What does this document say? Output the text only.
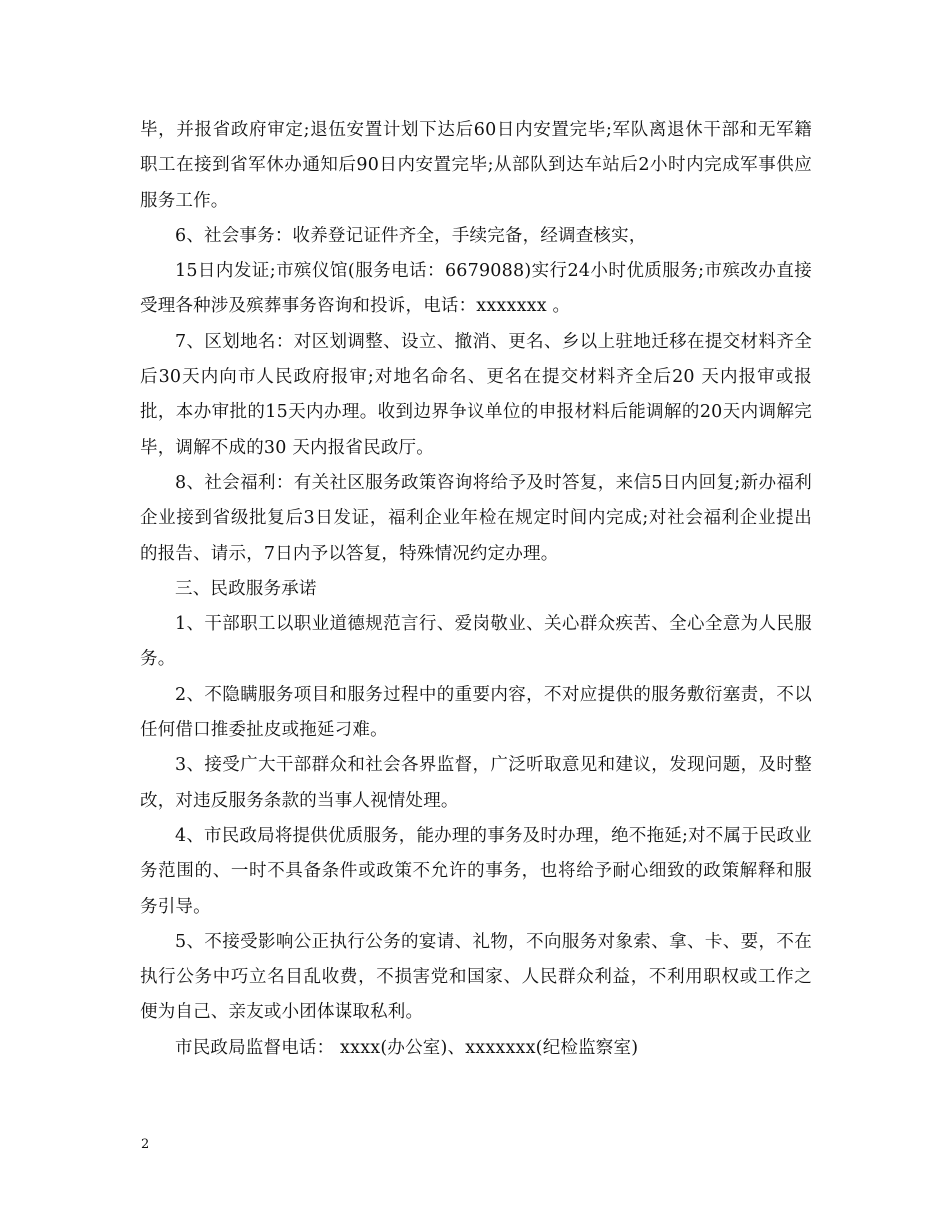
毕，并报省政府审定;退伍安置计划下达后60日内安置完毕;军队离退休干部和无军籍职工在接到省军休办通知后90日内安置完毕;从部队到达车站后2小时内完成军事供应服务工作。

6、社会事务：收养登记证件齐全，手续完备，经调查核实，

15日内发证;市殡仪馆(服务电话：6679088)实行24小时优质服务;市殡改办直接受理各种涉及殡葬事务咨询和投诉，电话：xxxxxxx 。

7、区划地名：对区划调整、设立、撤消、更名、乡以上驻地迁移在提交材料齐全后30天内向市人民政府报审;对地名命名、更名在提交材料齐全后20 天内报审或报批，本办审批的15天内办理。收到边界争议单位的申报材料后能调解的20天内调解完毕，调解不成的30 天内报省民政厅。

8、社会福利：有关社区服务政策咨询将给予及时答复，来信5日内回复;新办福利企业接到省级批复后3日发证，福利企业年检在规定时间内完成;对社会福利企业提出的报告、请示，7日内予以答复，特殊情况约定办理。

三、民政服务承诺

1、干部职工以职业道德规范言行、爱岗敬业、关心群众疾苦、全心全意为人民服务。

2、不隐瞒服务项目和服务过程中的重要内容，不对应提供的服务敷衍塞责，不以任何借口推委扯皮或拖延刁难。

3、接受广大干部群众和社会各界监督，广泛听取意见和建议，发现问题，及时整改，对违反服务条款的当事人视情处理。

4、市民政局将提供优质服务，能办理的事务及时办理，绝不拖延;对不属于民政业务范围的、一时不具备条件或政策不允许的事务，也将给予耐心细致的政策解释和服务引导。

5、不接受影响公正执行公务的宴请、礼物，不向服务对象索、拿、卡、要，不在执行公务中巧立名目乱收费，不损害党和国家、人民群众利益，不利用职权或工作之便为自己、亲友或小团体谋取私利。

市民政局监督电话： xxxx(办公室)、xxxxxxx(纪检监察室)

2
